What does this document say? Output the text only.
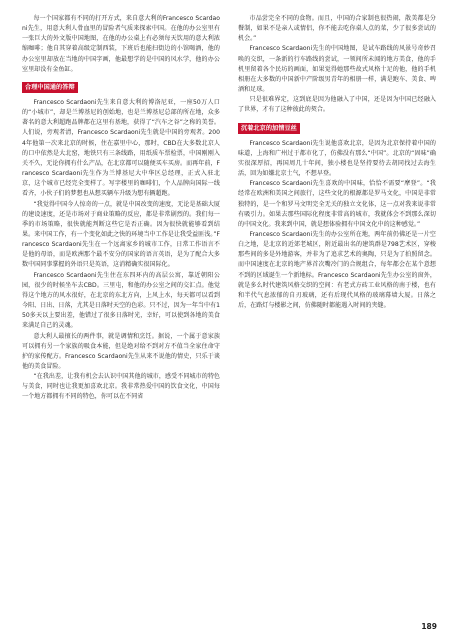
每一个国家都有不同的打开方式，来自意大利的Francesco Scardaoni先生，用意大利人骨血里的冒险者气质来探索中国。在他的办公室里有一张巨大的外文版中国地图，在他的办公桌上有必须每天饮用的意大利浓缩咖啡；他自其穿着高级定制西装，下班后也能扫街边的小馆喝酒，他的办公室里却放在当地的中国字画，他最想学的是中国的风水学，他的办公室里却没有金鱼缸。

合理中国通的答辩

Francesco Scardaoni先生来自意大利的博洛尼亚，一座50万人口的“小城市”，却是兰博基尼的创始地，也是兰博基尼总部的所在地，众多著名的意大利超跑品牌都在这里有基地，获得了“汽车之谷”之称的美誉。人们说，旁观者清，Francesco Scardaoni先生就是中国的旁观者。2004年他第一次来北京的时候，住在嘉里中心，那时，CBD在大多数北京人的口中依然是大北窑，地铁只有三条线路，用纸质车票检票，中国刚刚入关不久，无论你拥有什么产品，在北京都可以随便买车买房。而再年前，Francesco Scardaoni先生作为兰博基尼大中华区总经理，正式入驻北京，这个城市已经完全变样了。写字楼里的咖啡们，个人品牌向国际一线看齐，小伙子们的梦想也从想买辆车升级为想有辆超跑。

“我觉得中国今人惊奇的一点，就是中国改变的速度，无论是基础大厦的建设速度，还是市场对于商业策略的反应，都是非常剧烈的。我们每一季的市场策略，很快就能判断这些它是否正确。因为很快就能够看到结果。来中国工作，有一个变化如此之快的环境当中工作是让我受益匪浅。”Francesco Scardaoni先生在一个远离家乡的城市工作，日常工作语言不是他的母语，而是欧洲那个最不安分的国家的语言英语，是为了配合大多数中国同事掌握的外语只是英语，这消精确实很国际化。

Francesco Scardaoni先生住在东四环内的高层公寓，靠近朝阳公园，很少的时候坐车去CBD。三里屯，和他的办公室之间的交汇点。他觉得这个地方的风水很好，在北京的东北方向，上风上水，每天都可以看到今阳、日出、日落，尤其是日落时天空的色彩。只不过，因为一年当中有150多天以上要出差，他错过了很多日落时光，幸好，可以使到各地的美食来满足自己的灵魂。

意大利人最擅长的两件事，就是调情和烹饪。据说，一个属于意家族可以拥有另一个家族的吸食本能，但是绝对给不到对方不值当全家住命守护的家传配方。Francesco Scardaoni先生从来不说他的情史，只乐于谈他的美食冒险。

“在我出差，让我有机会去认识中国其他的城市，感受不同城市的特色与美食，同时也让我更加喜欢北京。我非常热爱中国的饮食文化，中国每一个地方都拥有不同的特色，你可以在不同省

市品尝完全不同的食物。而且，中国的合家制也很热闹，散美都是分餐制，如果不是亲人或情侣，你不能去吃你桌人点的菜，少了很多尝试的机会。”

Francesco Scardaoni先生的中国地图，是试车路线的风景号奇妙召唤的交织，一条新的行车路线的尝试，一领间所未闻的地方美食，他的手机里留着各个民坊的画面，如果觉得她那些故式风格十足的他，他的手机相册在大多数的中国新中产阶级男青年的相册一样，满是跑车、美食、啤酒和足球。

只是很难界定，这到底是因为他融入了中国，还是因为中国已经融入了世界，才有了这种彼此的契合。

沉着北京的加情豆丝

Francesco Scardaoni先生说他喜欢北京，是因为北京保持着中国的味道，上海和广州过于都市化了，仿佛没有那么“中国”。北京的“固味”确实很深厚招，再国周几十年间，独小楼也是坚持要待去胡同找过去海生活，回为如嫌北京土气，不想早登。

Francesco Scardaoni先生喜欢的中国味，恰恰不需要“摩登”。“我经常在欧洲和美国之间旅行，这些文化的根源都是罗马文化，中国是非常独特的，是一个和罗马文明完全无关的独立文化体，这一点对我来说非常有吸引力。如果去那些国际化程度非常高的城市，我就体会不到那么深切的中国文化。我来到中国，就是想体验拥有中国文化中的这种感觉。”

Francesco Scardaoni先生的办公室所在地，两年前仍佛还是一片空白之地，是北京的近郊老城区，附近最出名的建筑群是798艺术区，穿梭那些间的多是外地游客，并非为了追求艺术的奥陶，只是为了拍照留念。而中国速度在北京的地产界首次嘴冷门的合规组合，每年都会在某个意想不到的区域诞生一个新地标。Francesco Scardaoni先生办公室的窗外，就是多么时代建筑风格交织的空间：有老式方砖工业风格的南于楼，也有和半代气息浓郁的自刃玻璃，还有后现代风格的玻璃幕墙大厦。日落之后，在路灯与楼影之间，仿佛随时都能遇入时间的夹缝。

189
